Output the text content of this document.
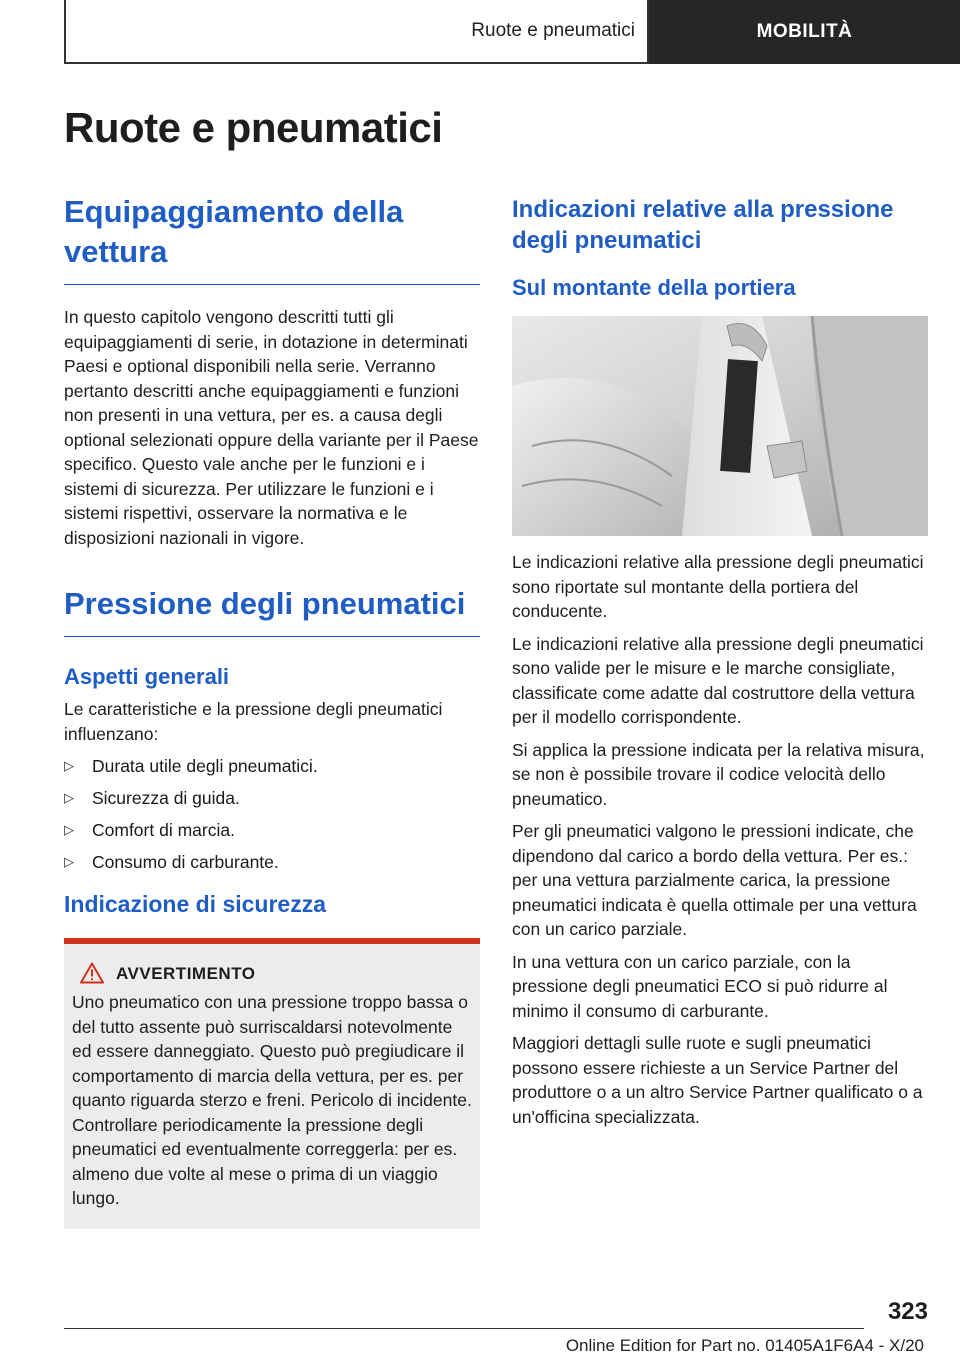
Ruote e pneumatici	MOBILITÀ
Ruote e pneumatici
Equipaggiamento della vettura

In questo capitolo vengono descritti tutti gli equipaggiamenti di serie, in dotazione in determinati Paesi e optional disponibili nella serie. Verranno pertanto descritti anche equipaggiamenti e funzioni non presenti in una vettura, per es. a causa degli optional selezionati oppure della variante per il Paese specifico. Questo vale anche per le funzioni e i sistemi di sicurezza. Per utilizzare le funzioni e i sistemi rispettivi, osservare la normativa e le disposizioni nazionali in vigore.

Pressione degli pneumatici
Aspetti generali

Le caratteristiche e la pressione degli pneumatici influenzano:

▷	Durata utile degli pneumatici.
▷	Sicurezza di guida.
▷	Comfort di marcia.
▷	Consumo di carburante.
Indicazione di sicurezza
AVVERTIMENTO

Uno pneumatico con una pressione troppo bassa o del tutto assente può surriscaldarsi notevolmente ed essere danneggiato. Questo può pregiudicare il comportamento di marcia della vettura, per es. per quanto riguarda sterzo e freni. Pericolo di incidente. Controllare periodicamente la pressione degli pneumatici ed eventualmente correggerla: per es. almeno due volte al mese o prima di un viaggio lungo.

Indicazioni relative alla pressione degli pneumatici
Sul montante della portiera

Le indicazioni relative alla pressione degli pneumatici sono riportate sul montante della portiera del conducente.

Le indicazioni relative alla pressione degli pneumatici sono valide per le misure e le marche consigliate, classificate come adatte dal costruttore della vettura per il modello corrispondente.

Si applica la pressione indicata per la relativa misura, se non è possibile trovare il codice velocità dello pneumatico.

Per gli pneumatici valgono le pressioni indicate, che dipendono dal carico a bordo della vettura. Per es.: per una vettura parzialmente carica, la pressione pneumatici indicata è quella ottimale per una vettura con un carico parziale.

In una vettura con un carico parziale, con la pressione degli pneumatici ECO si può ridurre al minimo il consumo di carburante.

Maggiori dettagli sulle ruote e sugli pneumatici possono essere richieste a un Service Partner del produttore o a un altro Service Partner qualificato o a un'officina specializzata.

323
Online Edition for Part no. 01405A1F6A4 - X/20
